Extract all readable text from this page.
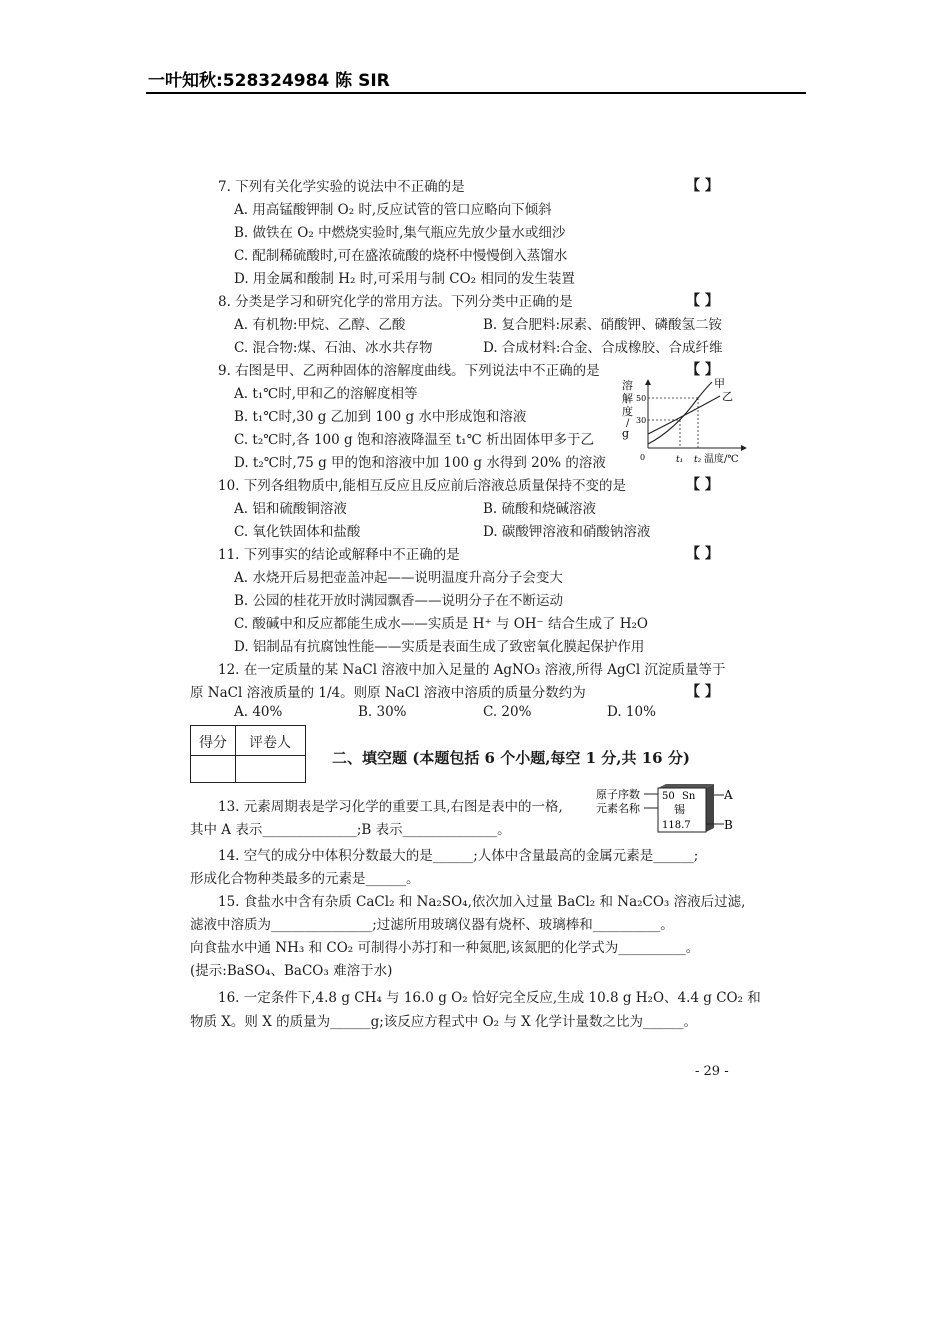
一叶知秋:528324984 陈 SIR
7. 下列有关化学实验的说法中不正确的是	【 】
A. 用高锰酸钾制 O₂ 时,反应试管的管口应略向下倾斜
B. 做铁在 O₂ 中燃烧实验时,集气瓶应先放少量水或细沙
C. 配制稀硫酸时,可在盛浓硫酸的烧杯中慢慢倒入蒸馏水
D. 用金属和酸制 H₂ 时,可采用与制 CO₂ 相同的发生装置
8. 分类是学习和研究化学的常用方法。下列分类中正确的是	【 】
A. 有机物:甲烷、乙醇、乙酸	B. 复合肥料:尿素、硝酸钾、磷酸氢二铵
C. 混合物:煤、石油、冰水共存物	D. 合成材料:合金、合成橡胶、合成纤维
9. 右图是甲、乙两种固体的溶解度曲线。下列说法中不正确的是	【 】
A. t₁℃时,甲和乙的溶解度相等
B. t₁℃时,30 g 乙加到 100 g 水中形成饱和溶液
C. t₂℃时,各 100 g 饱和溶液降温至 t₁℃ 析出固体甲多于乙
D. t₂℃时,75 g 甲的饱和溶液中加 100 g 水得到 20% 的溶液
溶
解
度
/
g
50
30
甲
乙
0	t₁ t₂ 温度/℃
10. 下列各组物质中,能相互反应且反应前后溶液总质量保持不变的是	【 】
A. 铝和硫酸铜溶液	B. 硫酸和烧碱溶液
C. 氧化铁固体和盐酸	D. 碳酸钾溶液和硝酸钠溶液
11. 下列事实的结论或解释中不正确的是	【 】
A. 水烧开后易把壶盖冲起——说明温度升高分子会变大
B. 公园的桂花开放时满园飘香——说明分子在不断运动
C. 酸碱中和反应都能生成水——实质是 H⁺ 与 OH⁻ 结合生成了 H₂O
D. 铝制品有抗腐蚀性能——实质是表面生成了致密氧化膜起保护作用
12. 在一定质量的某 NaCl 溶液中加入足量的 AgNO₃ 溶液,所得 AgCl 沉淀质量等于
原 NaCl 溶液质量的 1/4。则原 NaCl 溶液中溶质的质量分数约为	【 】
A. 40%	B. 30%	C. 20%	D. 10%
得分 评卷人
二、填空题 (本题包括 6 个小题,每空 1 分,共 16 分)
13. 元素周期表是学习化学的重要工具,右图是表中的一格,
其中 A 表示______________;B 表示______________。
原子序数
元素名称
50 Sn
锡
118.7
A
B
14. 空气的成分中体积分数最大的是______;人体中含量最高的金属元素是______;
形成化合物种类最多的元素是______。
15. 食盐水中含有杂质 CaCl₂ 和 Na₂SO₄,依次加入过量 BaCl₂ 和 Na₂CO₃ 溶液后过滤,
滤液中溶质为_______________;过滤所用玻璃仪器有烧杯、玻璃棒和__________。
向食盐水中通 NH₃ 和 CO₂ 可制得小苏打和一种氮肥,该氮肥的化学式为__________。
(提示:BaSO₄、BaCO₃ 难溶于水)
16. 一定条件下,4.8 g CH₄ 与 16.0 g O₂ 恰好完全反应,生成 10.8 g H₂O、4.4 g CO₂ 和
物质 X。则 X 的质量为______g;该反应方程式中 O₂ 与 X 化学计量数之比为______。
- 29 -
